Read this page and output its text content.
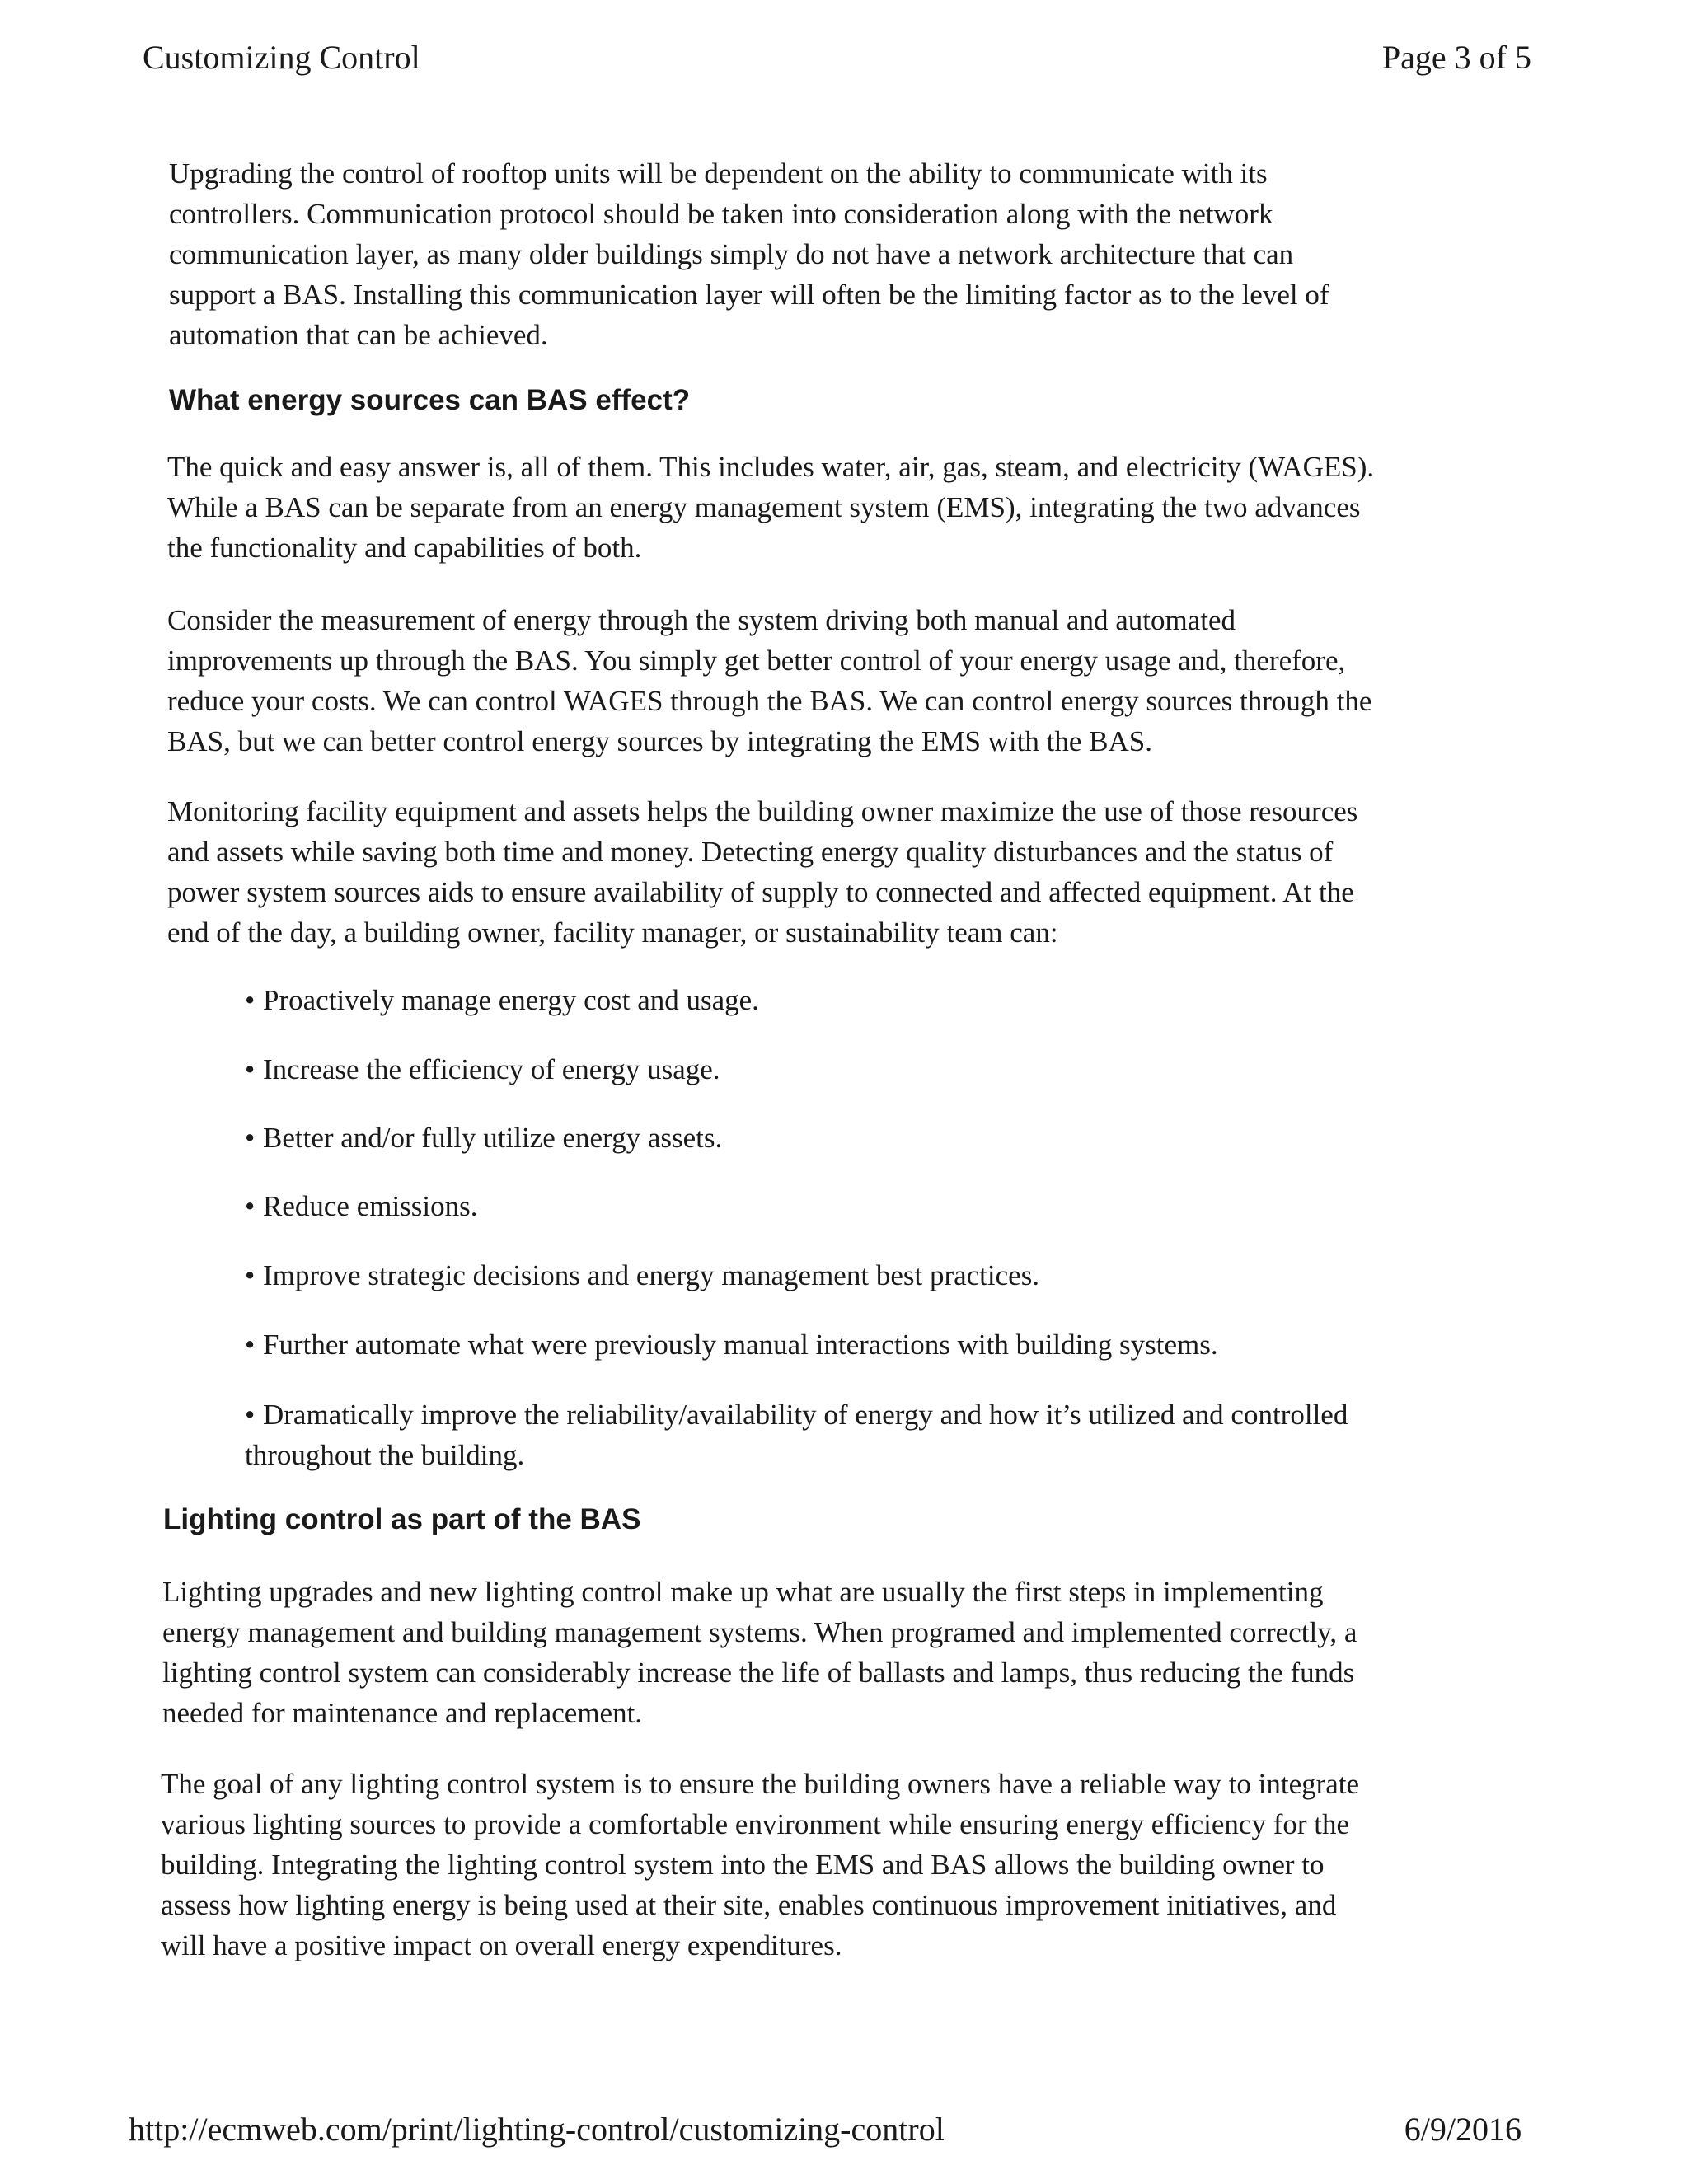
Customizing Control	Page 3 of 5
Upgrading the control of rooftop units will be dependent on the ability to communicate with its
controllers. Communication protocol should be taken into consideration along with the network
communication layer, as many older buildings simply do not have a network architecture that can
support a BAS. Installing this communication layer will often be the limiting factor as to the level of
automation that can be achieved.
What energy sources can BAS effect?
The quick and easy answer is, all of them. This includes water, air, gas, steam, and electricity (WAGES).
While a BAS can be separate from an energy management system (EMS), integrating the two advances
the functionality and capabilities of both.
Consider the measurement of energy through the system driving both manual and automated
improvements up through the BAS. You simply get better control of your energy usage and, therefore,
reduce your costs. We can control WAGES through the BAS. We can control energy sources through the
BAS, but we can better control energy sources by integrating the EMS with the BAS.
Monitoring facility equipment and assets helps the building owner maximize the use of those resources
and assets while saving both time and money. Detecting energy quality disturbances and the status of
power system sources aids to ensure availability of supply to connected and affected equipment. At the
end of the day, a building owner, facility manager, or sustainability team can:
• Proactively manage energy cost and usage.
• Increase the efficiency of energy usage.
• Better and/or fully utilize energy assets.
• Reduce emissions.
• Improve strategic decisions and energy management best practices.
• Further automate what were previously manual interactions with building systems.
• Dramatically improve the reliability/availability of energy and how it’s utilized and controlled
throughout the building.
Lighting control as part of the BAS
Lighting upgrades and new lighting control make up what are usually the first steps in implementing
energy management and building management systems. When programed and implemented correctly, a
lighting control system can considerably increase the life of ballasts and lamps, thus reducing the funds
needed for maintenance and replacement.
The goal of any lighting control system is to ensure the building owners have a reliable way to integrate
various lighting sources to provide a comfortable environment while ensuring energy efficiency for the
building. Integrating the lighting control system into the EMS and BAS allows the building owner to
assess how lighting energy is being used at their site, enables continuous improvement initiatives, and
will have a positive impact on overall energy expenditures.
http://ecmweb.com/print/lighting-control/customizing-control	6/9/2016
